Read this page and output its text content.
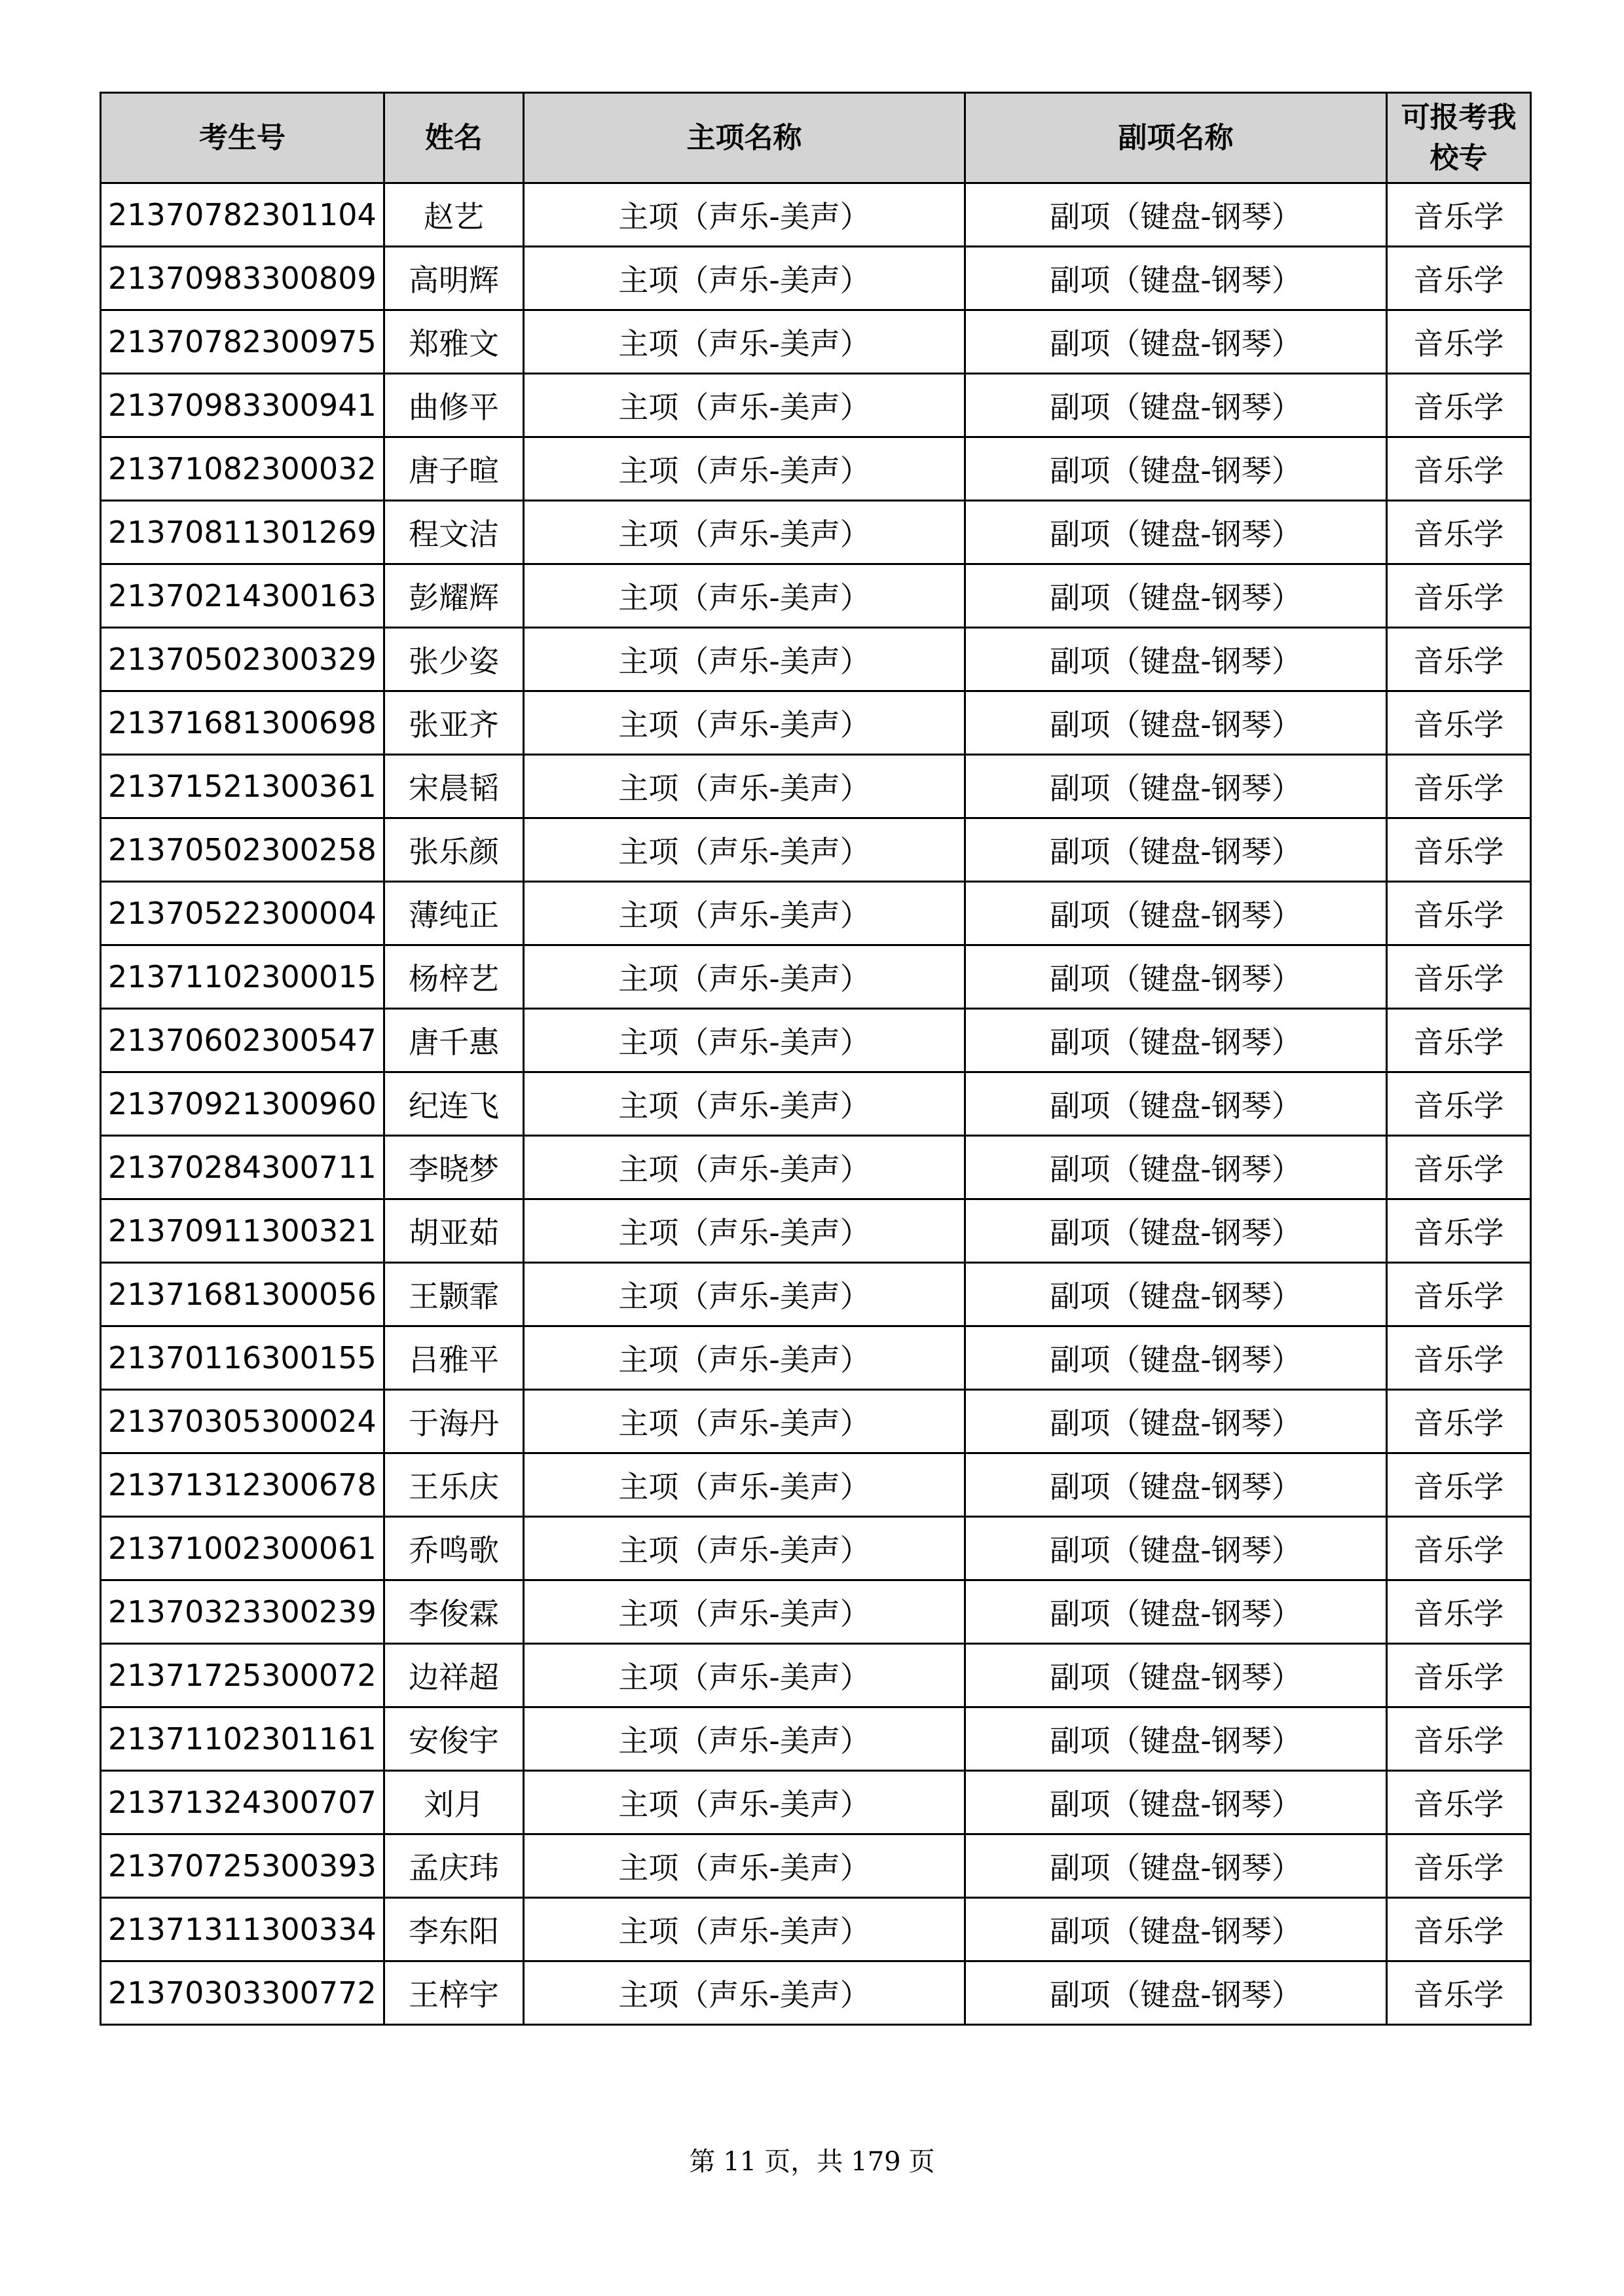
考生号	姓名	主项名称	副项名称	可报考我校专
21370782301104	赵艺	主项（声乐-美声）	副项（键盘-钢琴）	音乐学
21370983300809	高明辉	主项（声乐-美声）	副项（键盘-钢琴）	音乐学
21370782300975	郑雅文	主项（声乐-美声）	副项（键盘-钢琴）	音乐学
21370983300941	曲修平	主项（声乐-美声）	副项（键盘-钢琴）	音乐学
21371082300032	唐子暄	主项（声乐-美声）	副项（键盘-钢琴）	音乐学
21370811301269	程文洁	主项（声乐-美声）	副项（键盘-钢琴）	音乐学
21370214300163	彭耀辉	主项（声乐-美声）	副项（键盘-钢琴）	音乐学
21370502300329	张少姿	主项（声乐-美声）	副项（键盘-钢琴）	音乐学
21371681300698	张亚齐	主项（声乐-美声）	副项（键盘-钢琴）	音乐学
21371521300361	宋晨韬	主项（声乐-美声）	副项（键盘-钢琴）	音乐学
21370502300258	张乐颜	主项（声乐-美声）	副项（键盘-钢琴）	音乐学
21370522300004	薄纯正	主项（声乐-美声）	副项（键盘-钢琴）	音乐学
21371102300015	杨梓艺	主项（声乐-美声）	副项（键盘-钢琴）	音乐学
21370602300547	唐千惠	主项（声乐-美声）	副项（键盘-钢琴）	音乐学
21370921300960	纪连飞	主项（声乐-美声）	副项（键盘-钢琴）	音乐学
21370284300711	李晓梦	主项（声乐-美声）	副项（键盘-钢琴）	音乐学
21370911300321	胡亚茹	主项（声乐-美声）	副项（键盘-钢琴）	音乐学
21371681300056	王颢霏	主项（声乐-美声）	副项（键盘-钢琴）	音乐学
21370116300155	吕雅平	主项（声乐-美声）	副项（键盘-钢琴）	音乐学
21370305300024	于海丹	主项（声乐-美声）	副项（键盘-钢琴）	音乐学
21371312300678	王乐庆	主项（声乐-美声）	副项（键盘-钢琴）	音乐学
21371002300061	乔鸣歌	主项（声乐-美声）	副项（键盘-钢琴）	音乐学
21370323300239	李俊霖	主项（声乐-美声）	副项（键盘-钢琴）	音乐学
21371725300072	边祥超	主项（声乐-美声）	副项（键盘-钢琴）	音乐学
21371102301161	安俊宇	主项（声乐-美声）	副项（键盘-钢琴）	音乐学
21371324300707	刘月	主项（声乐-美声）	副项（键盘-钢琴）	音乐学
21370725300393	孟庆玮	主项（声乐-美声）	副项（键盘-钢琴）	音乐学
21371311300334	李东阳	主项（声乐-美声）	副项（键盘-钢琴）	音乐学
21370303300772	王梓宇	主项（声乐-美声）	副项（键盘-钢琴）	音乐学
第 11 页，共 179 页
